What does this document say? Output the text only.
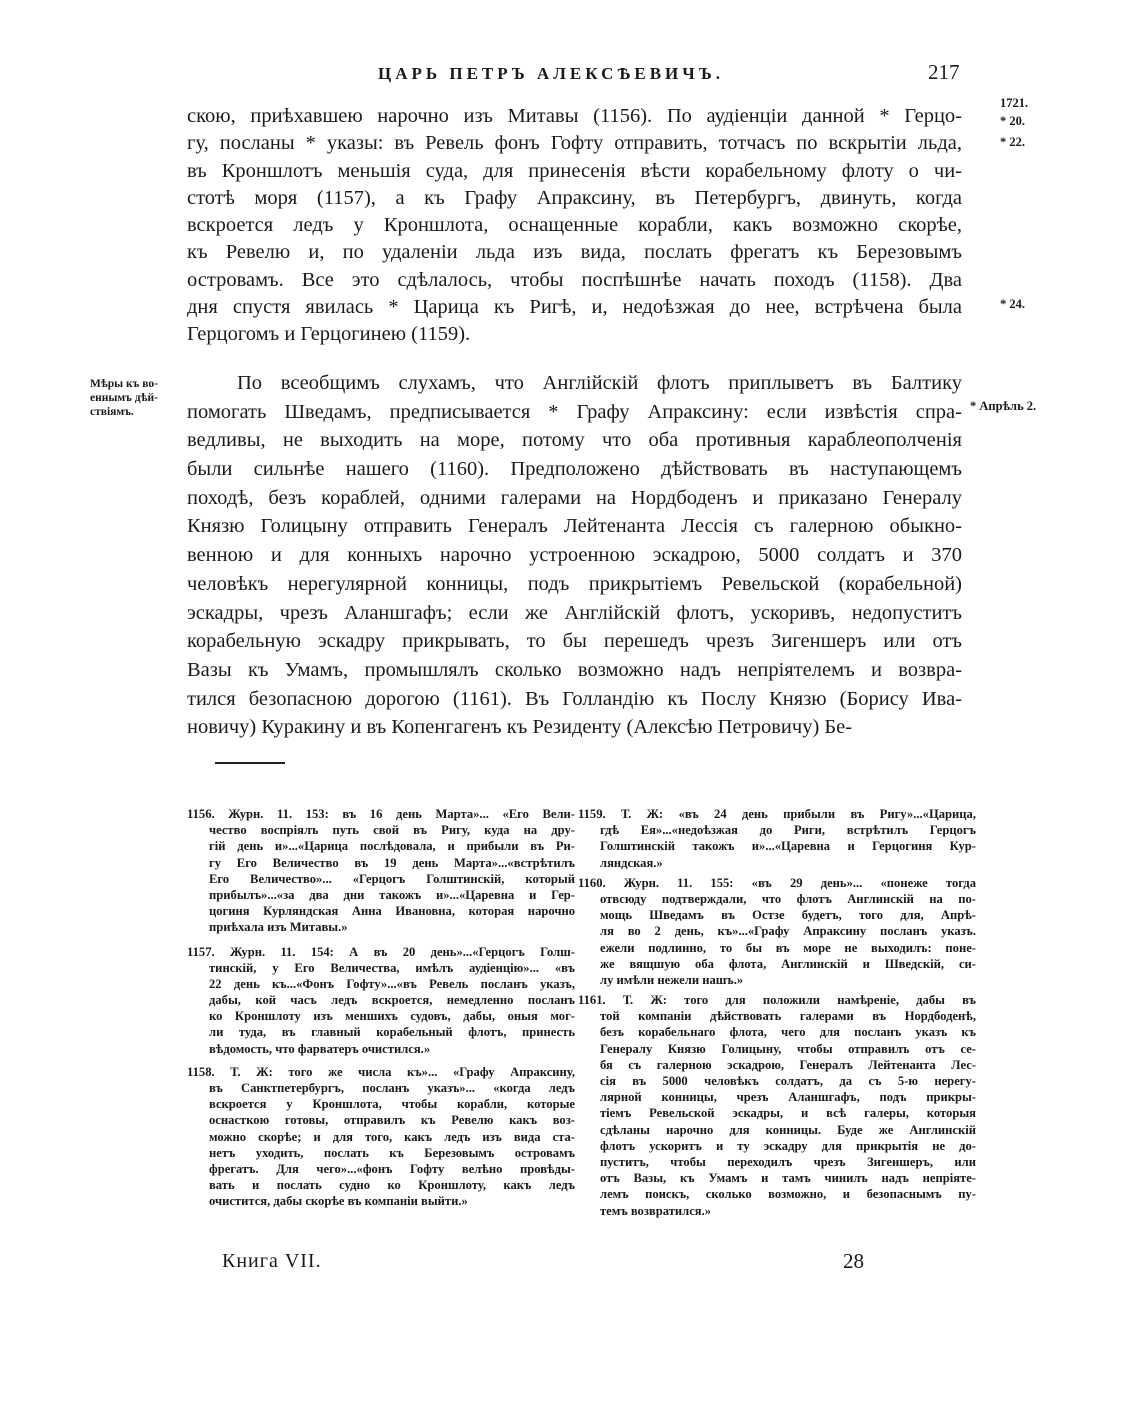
ЦАРЬ ПЕТРЪ АЛЕКСѢЕВИЧЪ.	217
1721.
* 20.
* 22.
* 24.
* Апрѣль 2.
Мѣры къ во-
еннымъ дѣй-
ствіямъ.
скою, приѣхавшею нарочно изъ Митавы (1156). По аудіенціи данной * Герцо-
гу, посланы * указы: въ Ревель фонъ Гофту отправить, тотчасъ по вскрытіи льда,
въ Кроншлотъ меньшія суда, для принесенія вѣсти корабельному флоту о чи-
стотѣ моря (1157), а къ Графу Апраксину, въ Петербургъ, двинуть, когда
вскроется ледъ у Кроншлота, оснащенные корабли, какъ возможно скорѣе,
къ Ревелю и, по удаленіи льда изъ вида, послать фрегатъ къ Березовымъ
островамъ. Все это сдѣлалось, чтобы поспѣшнѣе начать походъ (1158). Два
дня спустя явилась * Царица къ Ригѣ, и, недоѣзжая до нее, встрѣчена была
Герцогомъ и Герцогинею (1159).
По всеобщимъ слухамъ, что Англійскій флотъ приплыветъ въ Балтику
помогать Шведамъ, предписывается * Графу Апраксину: если извѣстія спра-
ведливы, не выходить на море, потому что оба противныя караблеополченія
были сильнѣе нашего (1160). Предположено дѣйствовать въ наступающемъ
походѣ, безъ кораблей, одними галерами на Нордбоденъ и приказано Генералу
Князю Голицыну отправить Генералъ Лейтенанта Лессія съ галерною обыкно-
венною и для конныхъ нарочно устроенною эскадрою, 5000 солдатъ и 370
человѣкъ нерегулярной конницы, подъ прикрытіемъ Ревельской (корабельной)
эскадры, чрезъ Аланшгафъ; если же Англійскій флотъ, ускоривъ, недопуститъ
корабельную эскадру прикрывать, то бы перешедъ чрезъ Зигеншеръ или отъ
Вазы къ Умамъ, промышлялъ сколько возможно надъ непріятелемъ и возвра-
тился безопасною дорогою (1161). Въ Голландію къ Послу Князю (Борису Ива-
новичу) Куракину и въ Копенгагенъ къ Резиденту (Алексѣю Петровичу) Бе-
1156. Журн. 11. 153: въ 16 день Марта»... «Его Вели-
чество воспріялъ путь свой въ Ригу, куда на дру-
гій день и»...«Царица послѣдовала, и прибыли въ Ри-
гу Его Величество въ 19 день Марта»...«встрѣтилъ
Его Величество»... «Герцогъ Голштинскій, который
прибылъ»...«за два дни такожъ и»...«Царевна и Гер-
цогиня Курляндская Анна Ивановна, которая нарочно
приѣхала изъ Митавы.»
1157. Журн. 11. 154: А въ 20 день»...«Герцогъ Голш-
тинскій, у Его Величества, имѣлъ аудіенцію»... «въ
22 день къ...«Фонъ Гофту»...«въ Ревель посланъ указъ,
дабы, кой часъ ледъ вскроется, немедленно посланъ
ко Кроншлоту изъ меншихъ судовъ, дабы, оныя мог-
ли туда, въ главный корабельный флотъ, принесть
вѣдомость, что фарватеръ очистился.»
1158. Т. Ж: того же числа къ»... «Графу Апраксину,
въ Санктпетербургъ, посланъ указъ»... «когда ледъ
вскроется у Кроншлота, чтобы корабли, которые
оснасткою готовы, отправилъ къ Ревелю какъ воз-
можно скорѣе; и для того, какъ ледъ изъ вида ста-
нетъ уходить, послать къ Березовымъ островамъ
фрегатъ. Для чего»...«фонъ Гофту велѣно провѣды-
вать и послать судно ко Кроншлоту, какъ ледъ
очистится, дабы скорѣе въ компаніи выйти.»
1159. Т. Ж: «въ 24 день прибыли въ Ригу»...«Царица,
гдѣ Ея»...«недоѣзжая до Риги, встрѣтилъ Герцогъ
Голштинскій такожъ и»...«Царевна и Герцогиня Кур-
ляндская.»
1160. Журн. 11. 155: «въ 29 день»... «понеже тогда
отвсюду подтверждали, что флотъ Англинскій на по-
мощь Шведамъ въ Остзе будетъ, того для, Апрѣ-
ля во 2 день, къ»...«Графу Апраксину посланъ указъ.
ежели подлинно, то бы въ море не выходилъ: поне-
же вящшую оба флота, Англинскій и Шведскій, си-
лу имѣли нежели нашъ.»
1161. Т. Ж: того для положили намѣреніе, дабы въ
той компаніи дѣйствовать галерами въ Нордбоденѣ,
безъ корабельнаго флота, чего для посланъ указъ къ
Генералу Князю Голицыну, чтобы отправилъ отъ се-
бя съ галерною эскадрою, Генералъ Лейтенанта Лес-
сія въ 5000 человѣкъ солдатъ, да съ 5-ю нерегу-
лярной конницы, чрезъ Аланшгафъ, подъ прикры-
тіемъ Ревельской эскадры, и всѣ галеры, которыя
сдѣланы нарочно для конницы. Буде же Англинскій
флотъ ускоритъ и ту эскадру для прикрытія не до-
пуститъ, чтобы переходилъ чрезъ Зигеншеръ, или
отъ Вазы, къ Умамъ и тамъ чинилъ надъ непріяте-
лемъ поискъ, сколько возможно, и безопаснымъ пу-
темъ возвратился.»
Книга VII.	28
